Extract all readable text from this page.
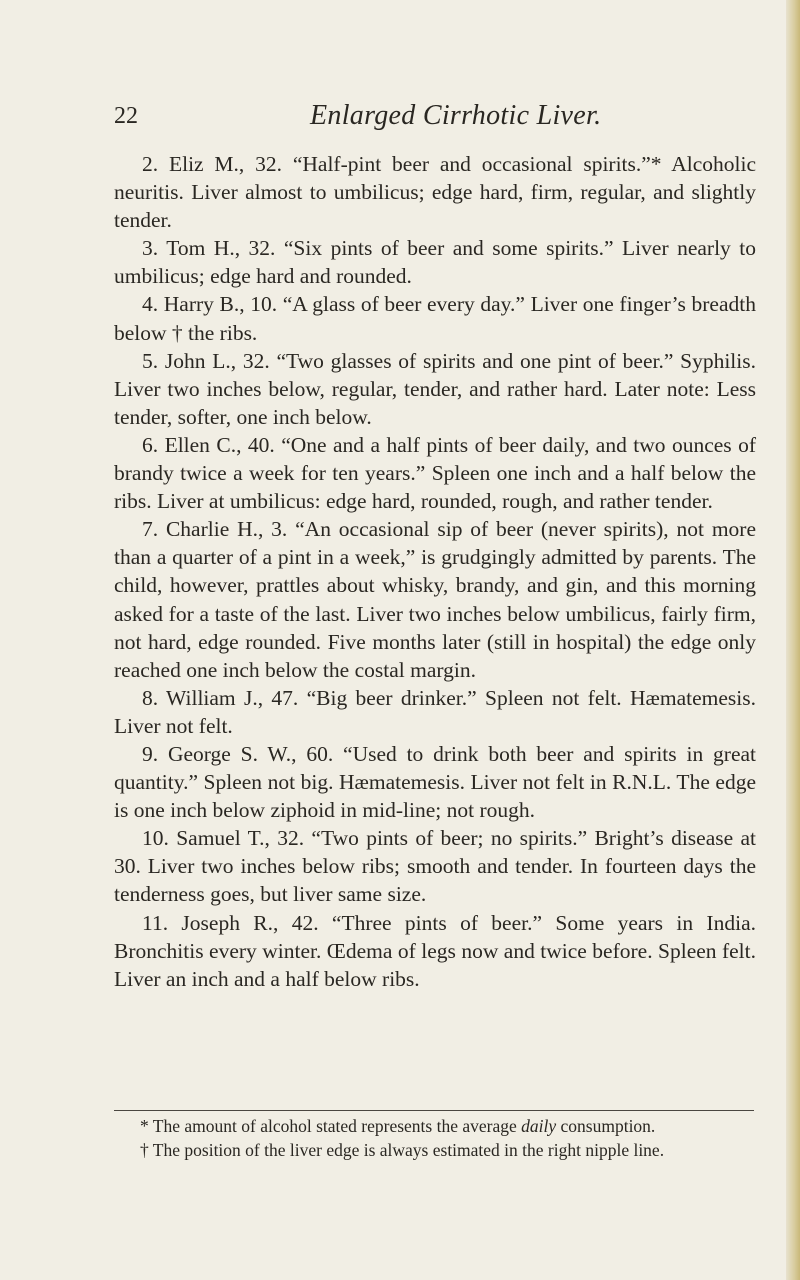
22	Enlarged Cirrhotic Liver.

2. Eliz M., 32. “Half-pint beer and occasional spirits.”* Alcoholic neuritis. Liver almost to umbilicus; edge hard, firm, regular, and slightly tender.

3. Tom H., 32. “Six pints of beer and some spirits.” Liver nearly to umbilicus; edge hard and rounded.

4. Harry B., 10. “A glass of beer every day.” Liver one finger’s breadth below † the ribs.

5. John L., 32. “Two glasses of spirits and one pint of beer.” Syphilis. Liver two inches below, regular, tender, and rather hard. Later note: Less tender, softer, one inch below.

6. Ellen C., 40. “One and a half pints of beer daily, and two ounces of brandy twice a week for ten years.” Spleen one inch and a half below the ribs. Liver at umbilicus: edge hard, rounded, rough, and rather tender.

7. Charlie H., 3. “An occasional sip of beer (never spirits), not more than a quarter of a pint in a week,” is grudgingly admitted by parents. The child, however, prattles about whisky, brandy, and gin, and this morning asked for a taste of the last. Liver two inches below umbilicus, fairly firm, not hard, edge rounded. Five months later (still in hospital) the edge only reached one inch below the costal margin.

8. William J., 47. “Big beer drinker.” Spleen not felt. Hæmatemesis. Liver not felt.

9. George S. W., 60. “Used to drink both beer and spirits in great quantity.” Spleen not big. Hæmatemesis. Liver not felt in R.N.L. The edge is one inch below ziphoid in mid-line; not rough.

10. Samuel T., 32. “Two pints of beer; no spirits.” Bright’s disease at 30. Liver two inches below ribs; smooth and tender. In fourteen days the tenderness goes, but liver same size.

11. Joseph R., 42. “Three pints of beer.” Some years in India. Bronchitis every winter. Œdema of legs now and twice before. Spleen felt. Liver an inch and a half below ribs.

* The amount of alcohol stated represents the average daily consumption.

† The position of the liver edge is always estimated in the right nipple line.
